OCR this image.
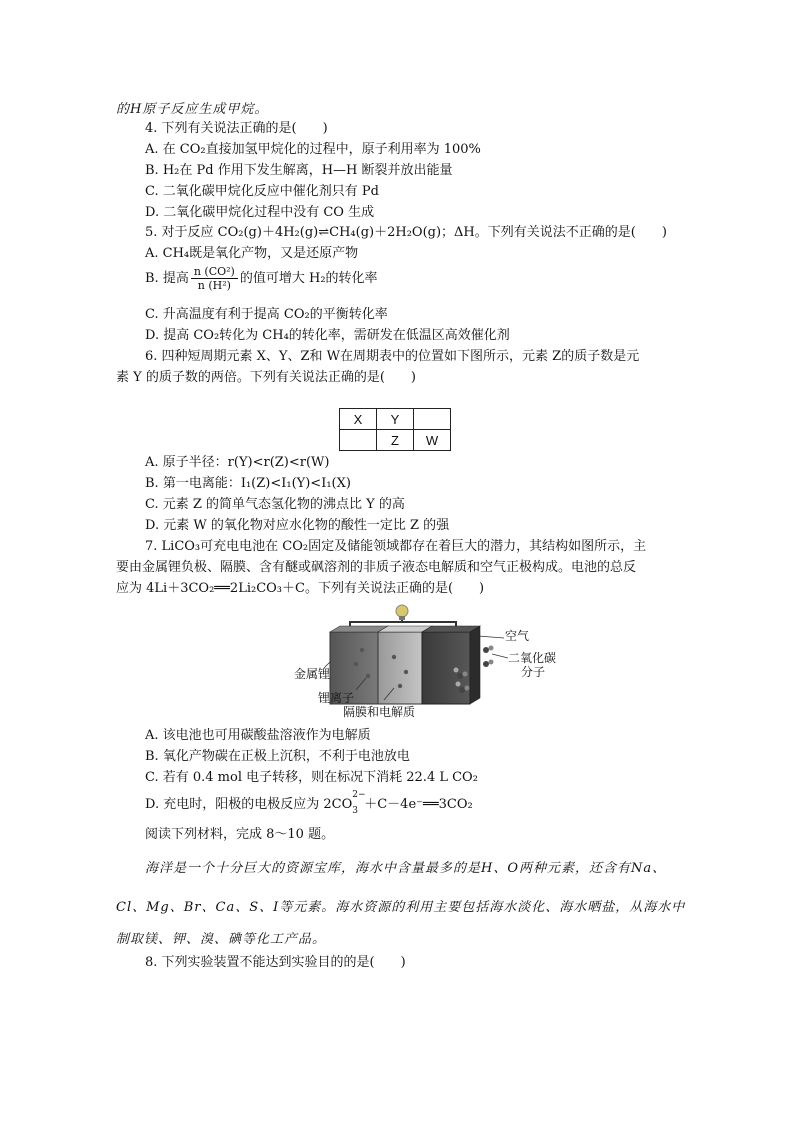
的H原子反应生成甲烷。
4. 下列有关说法正确的是(　　)
A. 在 CO₂直接加氢甲烷化的过程中，原子利用率为 100%
B. H₂在 Pd 作用下发生解离，H—H 断裂并放出能量
C. 二氧化碳甲烷化反应中催化剂只有 Pd
D. 二氧化碳甲烷化过程中没有 CO 生成
5. 对于反应 CO₂(g)＋4H₂(g)⇌CH₄(g)＋2H₂O(g)；ΔH。下列有关说法不正确的是(　　)
A. CH₄既是氧化产物，又是还原产物
B. 提高 $\frac{\text{n (CO²)}}{\text{n (H²)}}$ 的值可增大 H₂的转化率
C. 升高温度有利于提高 CO₂的平衡转化率
D. 提高 CO₂转化为 CH₄的转化率，需研发在低温区高效催化剂
6. 四种短周期元素 X、Y、Z和 W在周期表中的位置如下图所示，元素 Z的质子数是元
素 Y 的质子数的两倍。下列有关说法正确的是(　　)
X	Y	
	Z	W
A. 原子半径：r(Y)<r(Z)<r(W)
B. 第一电离能：I₁(Z)<I₁(Y)<I₁(X)
C. 元素 Z 的简单气态氢化物的沸点比 Y 的高
D. 元素 W 的氧化物对应水化物的酸性一定比 Z 的强
7. LiCO₃可充电电池在 CO₂固定及储能领域都存在着巨大的潜力，其结构如图所示，主
要由金属锂负极、隔膜、含有醚或砜溶剂的非质子液态电解质和空气正极构成。电池的总反
应为 4Li＋3CO₂══2Li₂CO₃＋C。下列有关说法正确的是(　　)
空气
二氧化碳
分子
金属锂
锂离子
隔膜和电解质
A. 该电池也可用碳酸盐溶液作为电解质
B. 氧化产物碳在正极上沉积，不利于电池放电
C. 若有 0.4 mol 电子转移，则在标况下消耗 22.4 L CO₂
D. 充电时，阳极的电极反应为 2CO
2−
3 ＋C－4e⁻══3CO₂
阅读下列材料，完成 8～10 题。
海洋是一个十分巨大的资源宝库，海水中含量最多的是H、O两种元素，还含有Na、
Cl、Mg、Br、Ca、S、I等元素。海水资源的利用主要包括海水淡化、海水晒盐，从海水中
制取镁、钾、溴、碘等化工产品。
8. 下列实验装置不能达到实验目的的是(　　)
